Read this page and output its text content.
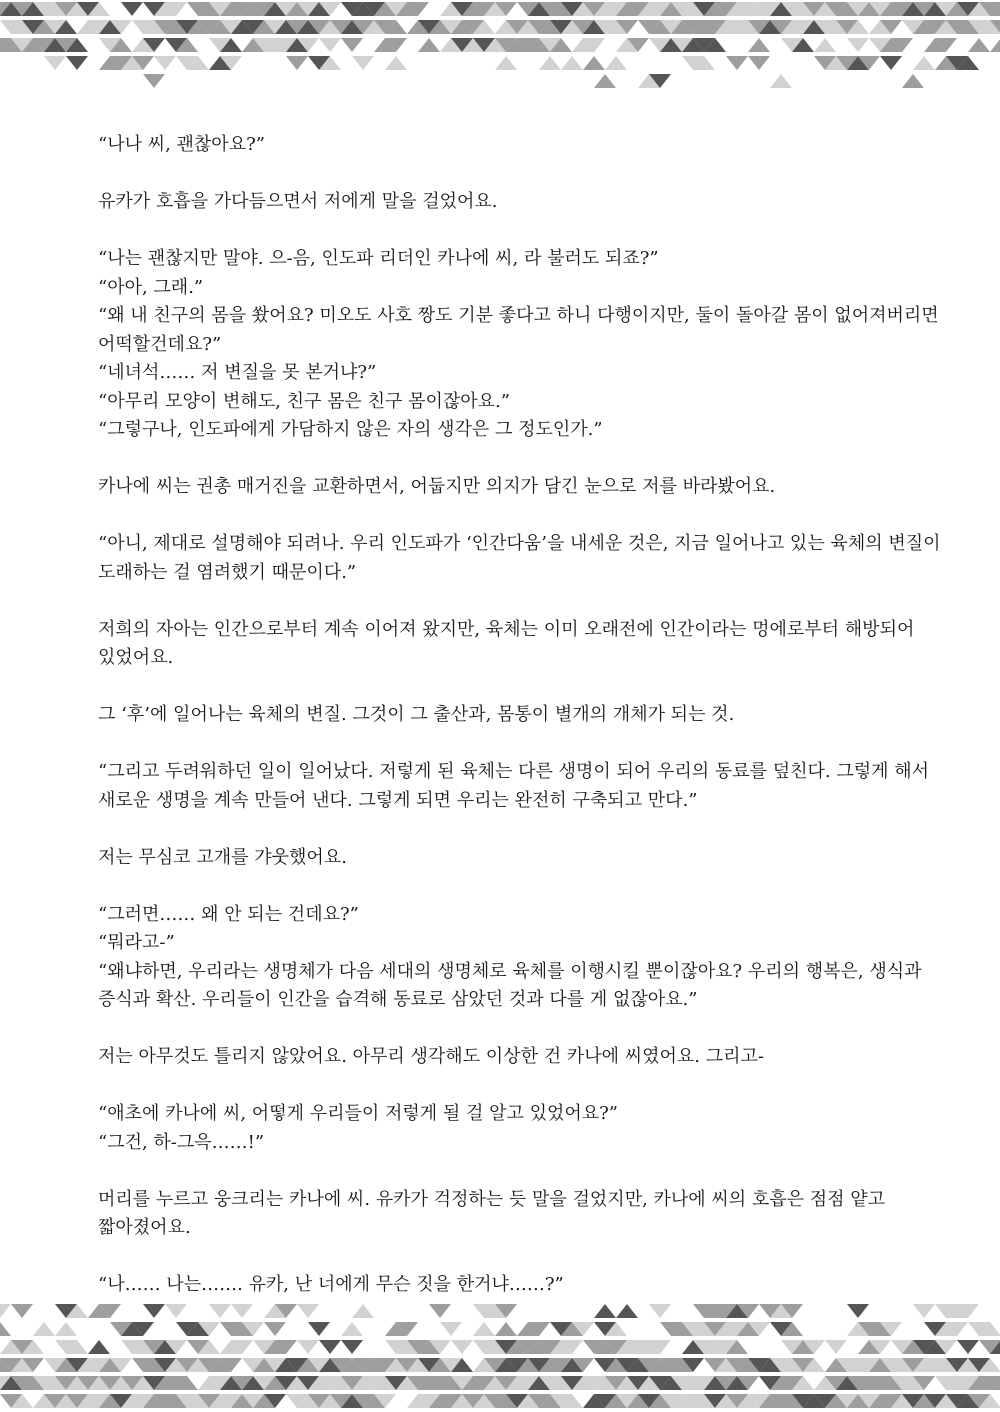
“나나 씨, 괜찮아요?”

유카가 호흡을 가다듬으면서 저에게 말을 걸었어요.

“나는 괜찮지만 말야. 으-음, 인도파 리더인 카나에 씨, 라 불러도 되죠?”

“아아, 그래.”

“왜 내 친구의 몸을 쐈어요? 미오도 사호 짱도 기분 좋다고 하니 다행이지만, 둘이 돌아갈 몸이 없어져버리면 어떡할건데요?”

“네녀석…… 저 변질을 못 본거냐?”

“아무리 모양이 변해도, 친구 몸은 친구 몸이잖아요.”

“그렇구나, 인도파에게 가담하지 않은 자의 생각은 그 정도인가.”

카나에 씨는 권총 매거진을 교환하면서, 어둡지만 의지가 담긴 눈으로 저를 바라봤어요.

“아니, 제대로 설명해야 되려나. 우리 인도파가 ‘인간다움’을 내세운 것은, 지금 일어나고 있는 육체의 변질이 도래하는 걸 염려했기 때문이다.”

저희의 자아는 인간으로부터 계속 이어져 왔지만, 육체는 이미 오래전에 인간이라는 멍에로부터 해방되어 있었어요.

그 ‘후’에 일어나는 육체의 변질. 그것이 그 출산과, 몸통이 별개의 개체가 되는 것.

“그리고 두려워하던 일이 일어났다. 저렇게 된 육체는 다른 생명이 되어 우리의 동료를 덮친다. 그렇게 해서 새로운 생명을 계속 만들어 낸다. 그렇게 되면 우리는 완전히 구축되고 만다.”

저는 무심코 고개를 갸웃했어요.

“그러면…… 왜 안 되는 건데요?”

“뭐라고-”

“왜냐하면, 우리라는 생명체가 다음 세대의 생명체로 육체를 이행시킬 뿐이잖아요? 우리의 행복은, 생식과 증식과 확산. 우리들이 인간을 습격해 동료로 삼았던 것과 다를 게 없잖아요.”

저는 아무것도 틀리지 않았어요. 아무리 생각해도 이상한 건 카나에 씨였어요. 그리고-

“애초에 카나에 씨, 어떻게 우리들이 저렇게 될 걸 알고 있었어요?”

“그건, 하-그윽……!”

머리를 누르고 웅크리는 카나에 씨. 유카가 걱정하는 듯 말을 걸었지만, 카나에 씨의 호흡은 점점 얕고 짧아졌어요.

“나…… 나는……. 유카, 난 너에게 무슨 짓을 한거냐……?”
